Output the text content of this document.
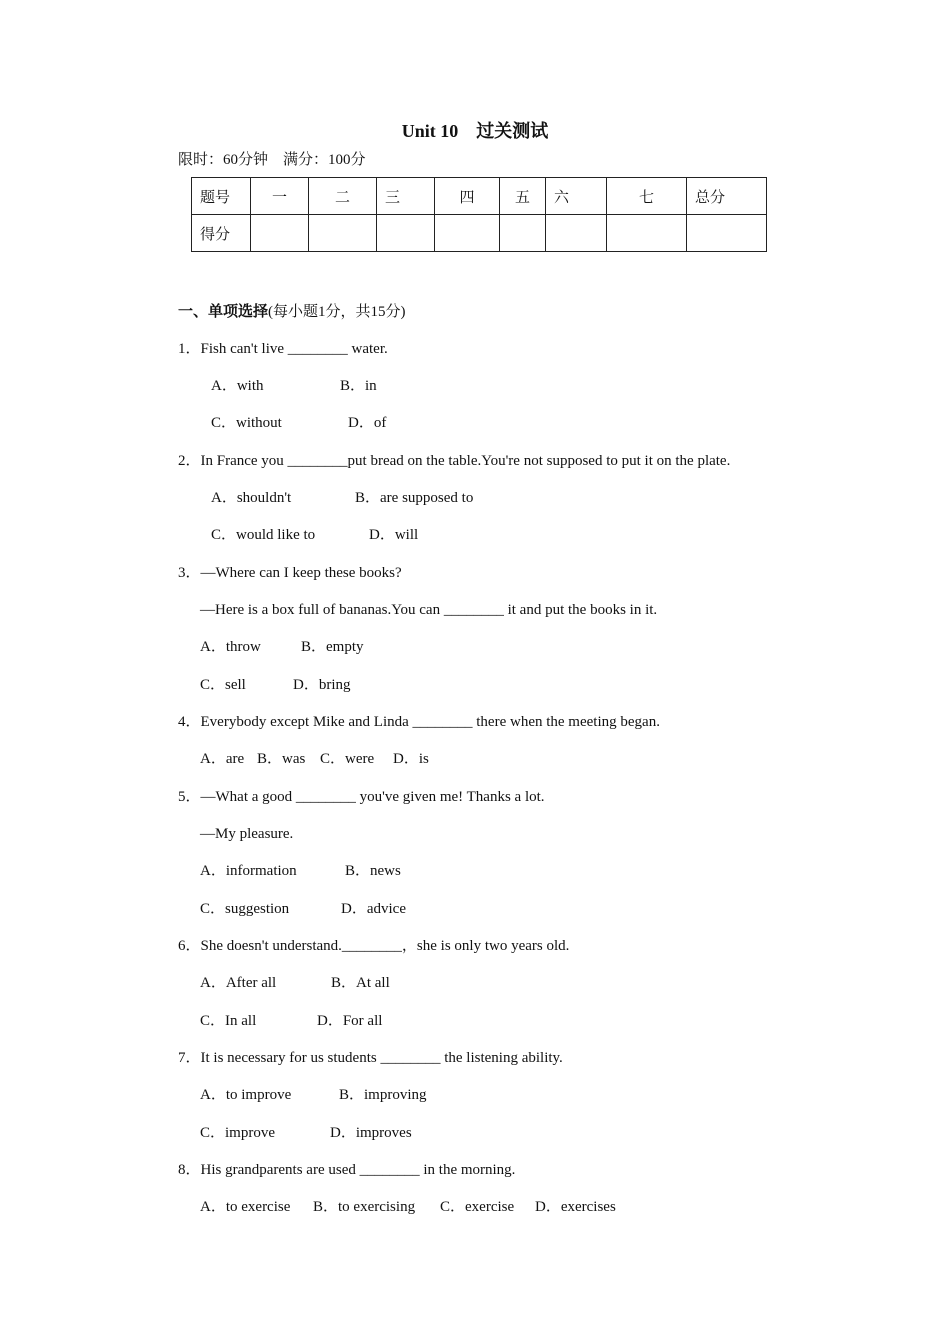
Unit 10　过关测试
限时：60分钟　满分：100分
题号	一	二	三	四	五	六	七	总分
得分								
一、单项选择(每小题1分，共15分)
1．Fish can't live ________ water.
A．with	B．in
C．without	D．of
2．In France you ________put bread on the table.You're not supposed to put it on the plate.
A．shouldn't	B．are supposed to
C．would like to	D．will
3．—Where can I keep these books?
—Here is a box full of bananas.You can ________ it and put the books in it.
A．throw	B．empty
C．sell	D．bring
4．Everybody except Mike and Linda ________ there when the meeting began.
A．are B．was C．were D．is
5．—What a good ________ you've given me! Thanks a lot.
—My pleasure.
A．information	B．news
C．suggestion	D．advice
6．She doesn't understand.________，she is only two years old.
A．After all	B．At all
C．In all	D．For all
7．It is necessary for us students ________ the listening ability.
A．to improve	B．improving
C．improve	D．improves
8．His grandparents are used ________ in the morning.
A．to exercise B．to exercising C．exercise D．exercises
